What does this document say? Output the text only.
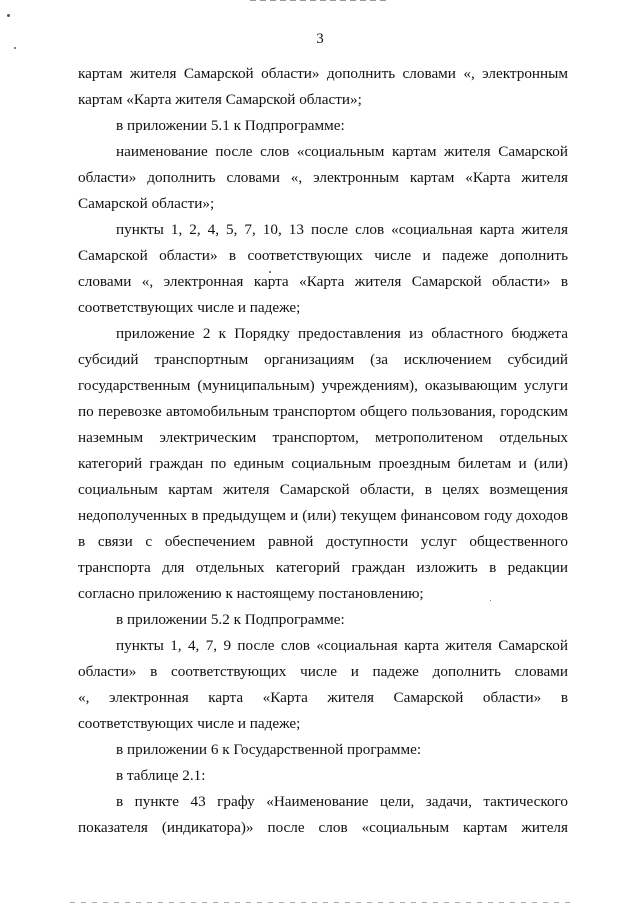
3
картам жителя Самарской области» дополнить словами «, электронным
картам «Карта жителя Самарской области»;
в приложении 5.1 к Подпрограмме:
наименование после слов «социальным картам жителя Самарской
области» дополнить словами «, электронным картам «Карта жителя
Самарской области»;
пункты 1, 2, 4, 5, 7, 10, 13 после слов «социальная карта жителя
Самарской области» в соответствующих числе и падеже дополнить
словами «, электронная карта «Карта жителя Самарской области» в
соответствующих числе и падеже;
приложение 2 к Порядку предоставления из областного бюджета
субсидий транспортным организациям (за исключением субсидий
государственным (муниципальным) учреждениям), оказывающим услуги
по перевозке автомобильным транспортом общего пользования, городским
наземным электрическим транспортом, метрополитеном отдельных
категорий граждан по единым социальным проездным билетам и (или)
социальным картам жителя Самарской области, в целях возмещения
недополученных в предыдущем и (или) текущем финансовом году доходов
в связи с обеспечением равной доступности услуг общественного
транспорта для отдельных категорий граждан изложить в редакции
согласно приложению к настоящему постановлению;
в приложении 5.2 к Подпрограмме:
пункты 1, 4, 7, 9 после слов «социальная карта жителя Самарской
области» в соответствующих числе и падеже дополнить словами
«, электронная карта «Карта жителя Самарской области» в
соответствующих числе и падеже;
в приложении 6 к Государственной программе:
в таблице 2.1:
в пункте 43 графу «Наименование цели, задачи, тактического
показателя (индикатора)» после слов «социальным картам жителя
